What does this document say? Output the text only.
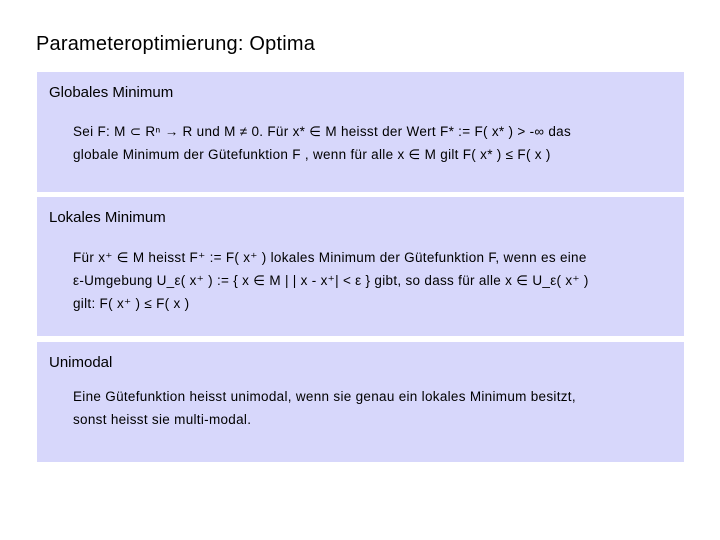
Parameteroptimierung: Optima
Globales Minimum
Sei F: M ⊂ Rⁿ → R und M ≠ 0. Für x* ∈ M heisst der Wert F* := F( x* ) > -∞ das
globale Minimum der Gütefunktion F , wenn für alle x ∈ M gilt F( x* ) ≤ F( x )
Lokales Minimum
Für x⁺ ∈ M heisst F⁺ := F( x⁺ ) lokales Minimum der Gütefunktion F, wenn es eine
ε-Umgebung U_ε( x⁺ ) := { x ∈ M | | x - x⁺| < ε } gibt, so dass für alle x ∈ U_ε( x⁺ )
gilt: F( x⁺ ) ≤ F( x )
Unimodal
Eine Gütefunktion heisst unimodal, wenn sie genau ein lokales Minimum besitzt,
sonst heisst sie multi-modal.
